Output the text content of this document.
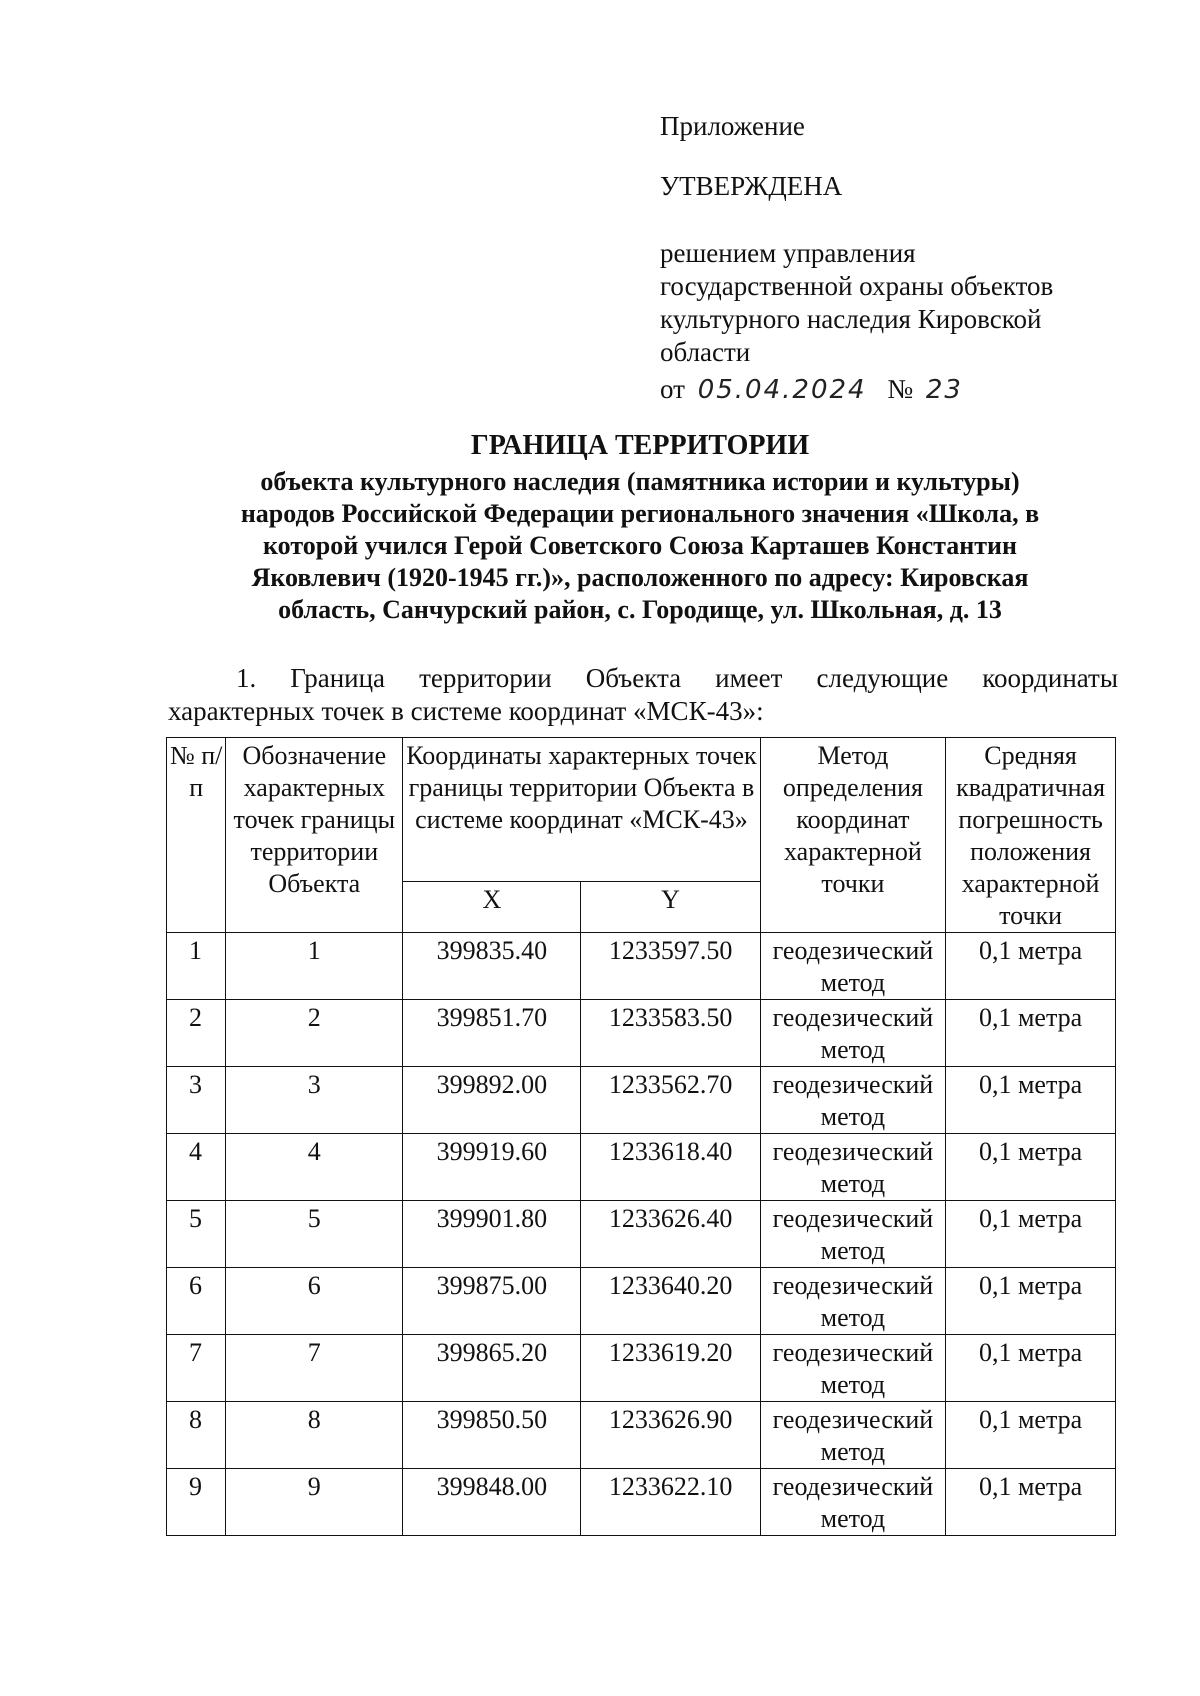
Приложение

УТВЕРЖДЕНА

решением управления

государственной охраны объектов

культурного наследия Кировской

области

от 05.04.2024 № 23

ГРАНИЦА ТЕРРИТОРИИ

объекта культурного наследия (памятника истории и культуры)

народов Российской Федерации регионального значения «Школа, в

которой учился Герой Советского Союза Карташев Константин

Яковлевич (1920-1945 гг.)», расположенного по адресу: Кировская

область, Санчурский район, с. Городище, ул. Школьная, д. 13

1. Граница территории Объекта имеет следующие координаты

характерных точек в системе координат «МСК-43»:

№ п/п	Обозначение характерных точек границы территории Объекта	Координаты характерных точек границы территории Объекта в системе координат «МСК-43»		Метод определения координат характерной точки	Средняя квадратичная погрешность положения характерной точки
		X	Y		
1	1	399835.40	1233597.50	геодезический метод	0,1 метра
2	2	399851.70	1233583.50	геодезический метод	0,1 метра
3	3	399892.00	1233562.70	геодезический метод	0,1 метра
4	4	399919.60	1233618.40	геодезический метод	0,1 метра
5	5	399901.80	1233626.40	геодезический метод	0,1 метра
6	6	399875.00	1233640.20	геодезический метод	0,1 метра
7	7	399865.20	1233619.20	геодезический метод	0,1 метра
8	8	399850.50	1233626.90	геодезический метод	0,1 метра
9	9	399848.00	1233622.10	геодезический метод	0,1 метра
